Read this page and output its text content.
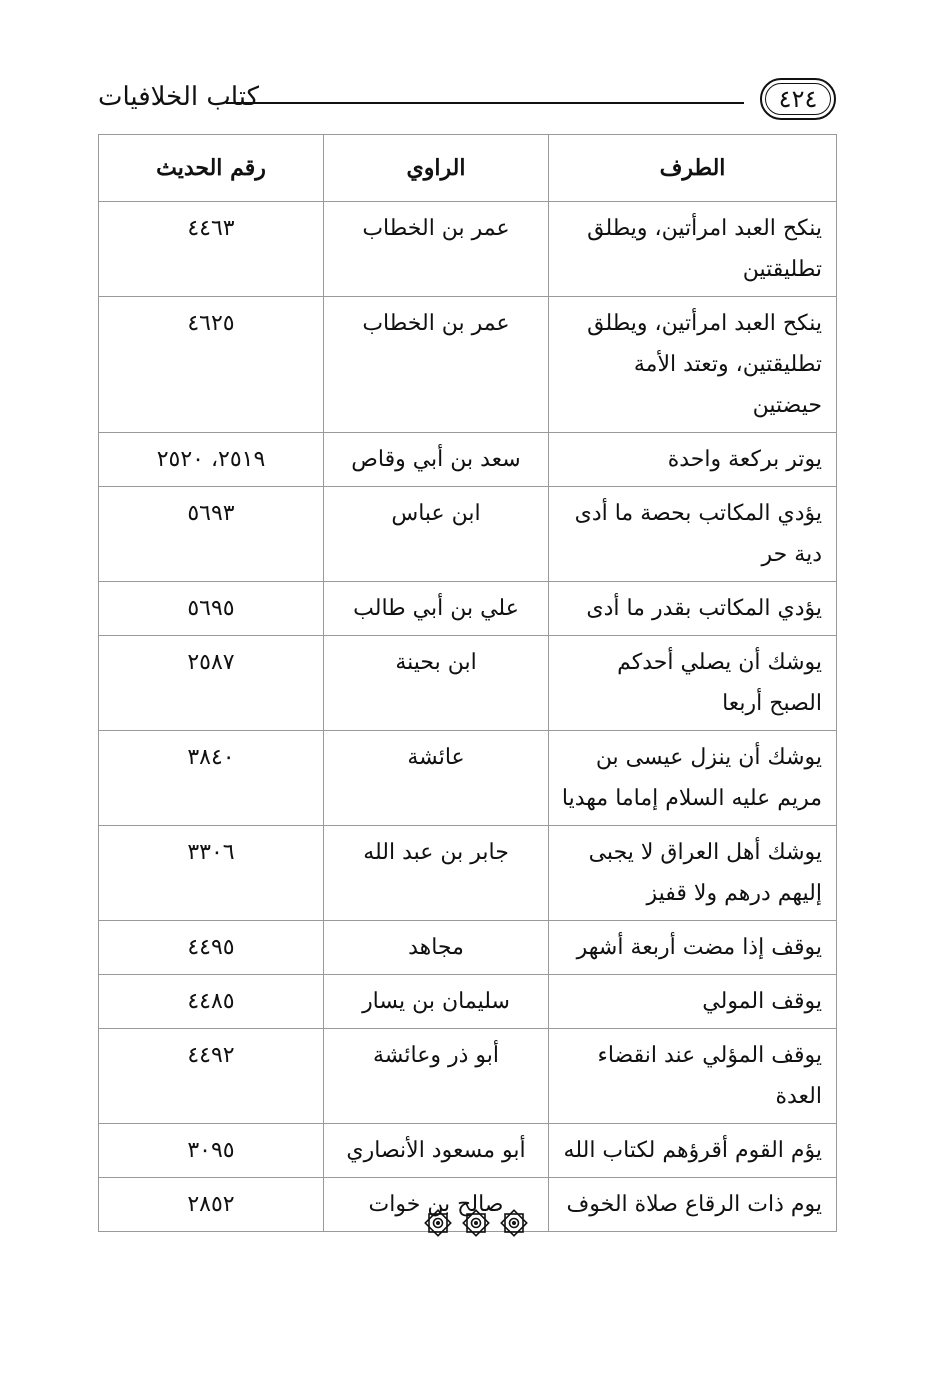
كتاب الخلافيات	٤٢٤
الطرف	الراوي	رقم الحديث
ينكح العبد امرأتين، ويطلق تطليقتين	عمر بن الخطاب	٤٤٦٣
ينكح العبد امرأتين، ويطلق تطليقتين، وتعتد الأمة حيضتين	عمر بن الخطاب	٤٦٢٥
يوتر بركعة واحدة	سعد بن أبي وقاص	٢٥١٩، ٢٥٢٠
يؤدي المكاتب بحصة ما أدى دية حر	ابن عباس	٥٦٩٣
يؤدي المكاتب بقدر ما أدى	علي بن أبي طالب	٥٦٩٥
يوشك أن يصلي أحدكم الصبح أربعا	ابن بحينة	٢٥٨٧
يوشك أن ينزل عيسى بن مريم عليه السلام إماما مهديا	عائشة	٣٨٤٠
يوشك أهل العراق لا يجبى إليهم درهم ولا قفيز	جابر بن عبد الله	٣٣٠٦
يوقف إذا مضت أربعة أشهر	مجاهد	٤٤٩٥
يوقف المولي	سليمان بن يسار	٤٤٨٥
يوقف المؤلي عند انقضاء العدة	أبو ذر وعائشة	٤٤٩٢
يؤم القوم أقرؤهم لكتاب الله	أبو مسعود الأنصاري	٣٠٩٥
يوم ذات الرقاع صلاة الخوف	صالح بن خوات	٢٨٥٢
